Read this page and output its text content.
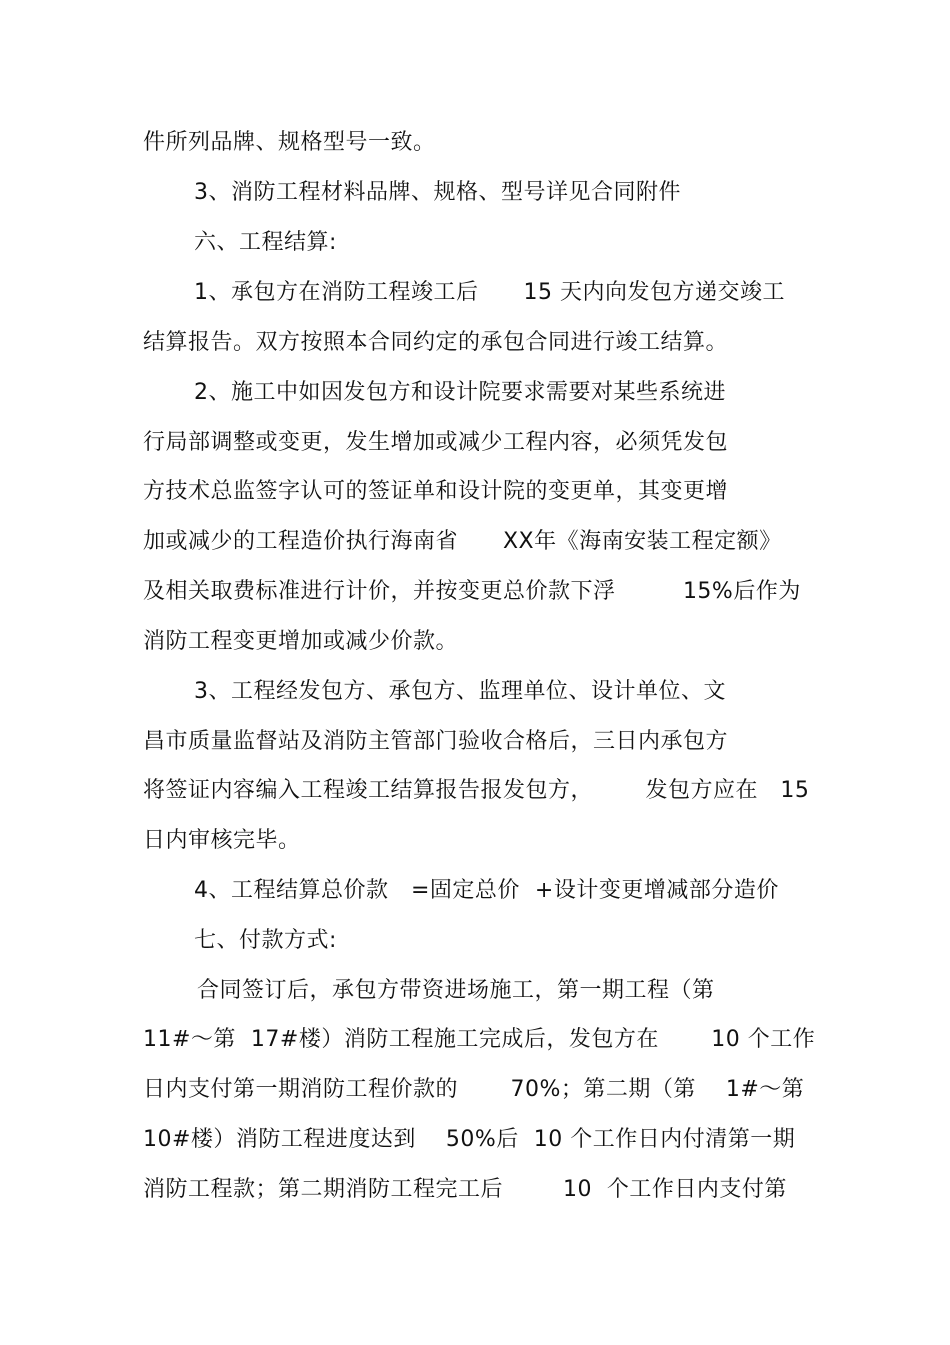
件所列品牌、规格型号一致。
3、消防工程材料品牌、规格、型号详见合同附件
六、工程结算:
1、承包方在消防工程竣工后      15 天内向发包方递交竣工
结算报告。双方按照本合同约定的承包合同进行竣工结算。
2、施工中如因发包方和设计院要求需要对某些系统进
行局部调整或变更，发生增加或减少工程内容，必须凭发包
方技术总监签字认可的签证单和设计院的变更单，其变更增
加或减少的工程造价执行海南省      XX年《海南安装工程定额》
及相关取费标准进行计价，并按变更总价款下浮         15%后作为
消防工程变更增加或减少价款。
3、工程经发包方、承包方、监理单位、设计单位、文
昌市质量监督站及消防主管部门验收合格后，三日内承包方
将签证内容编入工程竣工结算报告报发包方，       发包方应在   15
日内审核完毕。
4、工程结算总价款   =固定总价  +设计变更增减部分造价
七、付款方式:
合同签订后，承包方带资进场施工，第一期工程（第
11#～第  17#楼）消防工程施工完成后，发包方在       10 个工作
日内支付第一期消防工程价款的       70%；第二期（第    1#～第
10#楼）消防工程进度达到    50%后  10 个工作日内付清第一期
消防工程款；第二期消防工程完工后        10  个工作日内支付第
